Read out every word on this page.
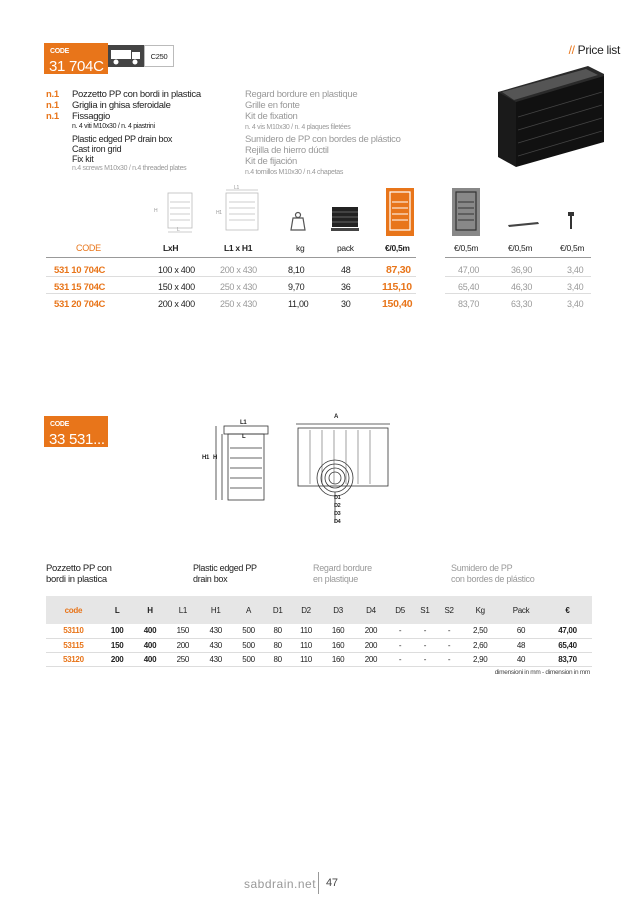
// Price list
CODE
31 704C
C250
n.1	Pozzetto PP con bordi in plastica
n.1	Griglia in ghisa sferoidale
n.1	Fissaggio
n. 4 viti M10x30 / n. 4 piastrini
Plastic edged PP drain box
Cast iron grid
Fix kit
n.4 screws M10x30 / n.4 threaded plates
Regard bordure en plastique
Grille en fonte
Kit de fixation
n. 4 vis M10x30 / n. 4 plaques filetées
Sumidero de PP con bordes de plástico
Rejilla de hierro dúctil
Kit de fijación
n.4 tornillos M10x30 / n.4 chapetas
H
L
H1
L1
CODE	LxH	L1 x H1	kg	pack	€/0,5m	€/0,5m	€/0,5m	€/0,5m
531 10 704C	100 x 400	200 x 430	8,10	48	87,30	47,00	36,90	3,40
531 15 704C	150 x 400	250 x 430	9,70	36	115,10	65,40	46,30	3,40
531 20 704C	200 x 400	250 x 430	11,00	30	150,40	83,70	63,30	3,40
CODE
33 531...
L1
L
H1 H
A
D1
D2
D3
D4
Pozzetto PP con
bordi in plastica
Plastic edged PP
drain box
Regard bordure
en plastique
Sumidero de PP
con bordes de plástico
code	L	H	L1	H1	A	D1	D2	D3	D4	D5	S1	S2	Kg	Pack	€
53110	100	400	150	430	500	80	110	160	200	-	-	-	2,50	60	47,00
53115	150	400	200	430	500	80	110	160	200	-	-	-	2,60	48	65,40
53120	200	400	250	430	500	80	110	160	200	-	-	-	2,90	40	83,70
dimensioni in mm - dimension in mm
sabdrain.net 47
